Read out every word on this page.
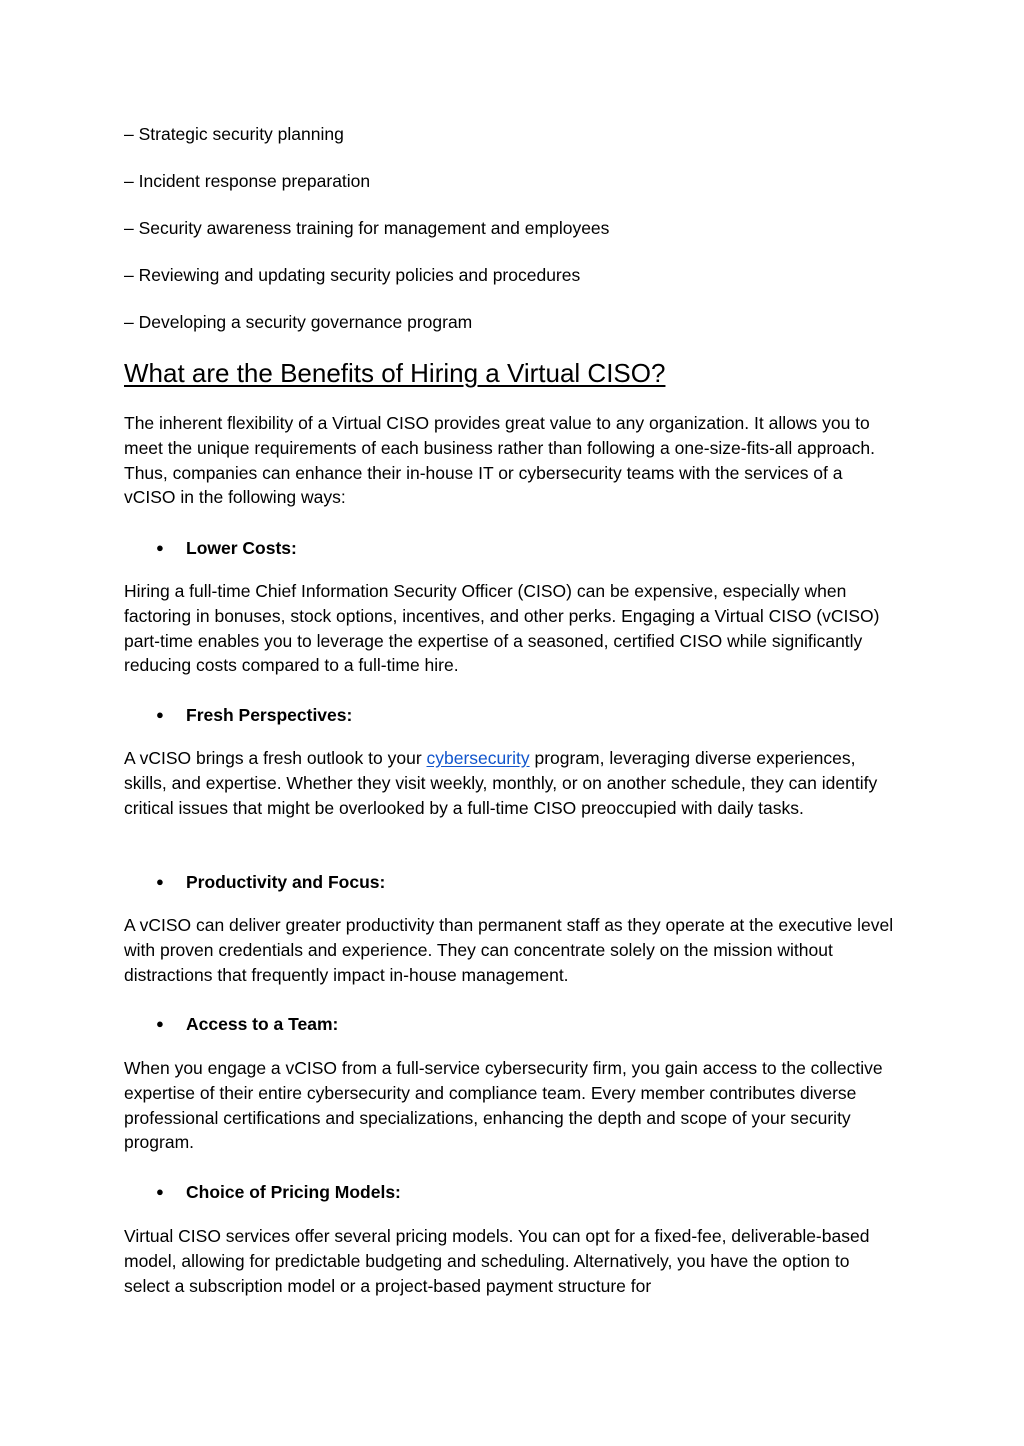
– Strategic security planning
– Incident response preparation
– Security awareness training for management and employees
– Reviewing and updating security policies and procedures
– Developing a security governance program
What are the Benefits of Hiring a Virtual CISO?

The inherent flexibility of a Virtual CISO provides great value to any organization. It allows you to meet the unique requirements of each business rather than following a one-size-fits-all approach. Thus, companies can enhance their in-house IT or cybersecurity teams with the services of a vCISO in the following ways:

● Lower Costs:

Hiring a full-time Chief Information Security Officer (CISO) can be expensive, especially when factoring in bonuses, stock options, incentives, and other perks. Engaging a Virtual CISO (vCISO) part-time enables you to leverage the expertise of a seasoned, certified CISO while significantly reducing costs compared to a full-time hire.

● Fresh Perspectives:

A vCISO brings a fresh outlook to your cybersecurity program, leveraging diverse experiences, skills, and expertise. Whether they visit weekly, monthly, or on another schedule, they can identify critical issues that might be overlooked by a full-time CISO preoccupied with daily tasks.

● Productivity and Focus:

A vCISO can deliver greater productivity than permanent staff as they operate at the executive level with proven credentials and experience. They can concentrate solely on the mission without distractions that frequently impact in-house management.

● Access to a Team:

When you engage a vCISO from a full-service cybersecurity firm, you gain access to the collective expertise of their entire cybersecurity and compliance team. Every member contributes diverse professional certifications and specializations, enhancing the depth and scope of your security program.

● Choice of Pricing Models:

Virtual CISO services offer several pricing models. You can opt for a fixed-fee, deliverable-based model, allowing for predictable budgeting and scheduling. Alternatively, you have the option to select a subscription model or a project-based payment structure for
